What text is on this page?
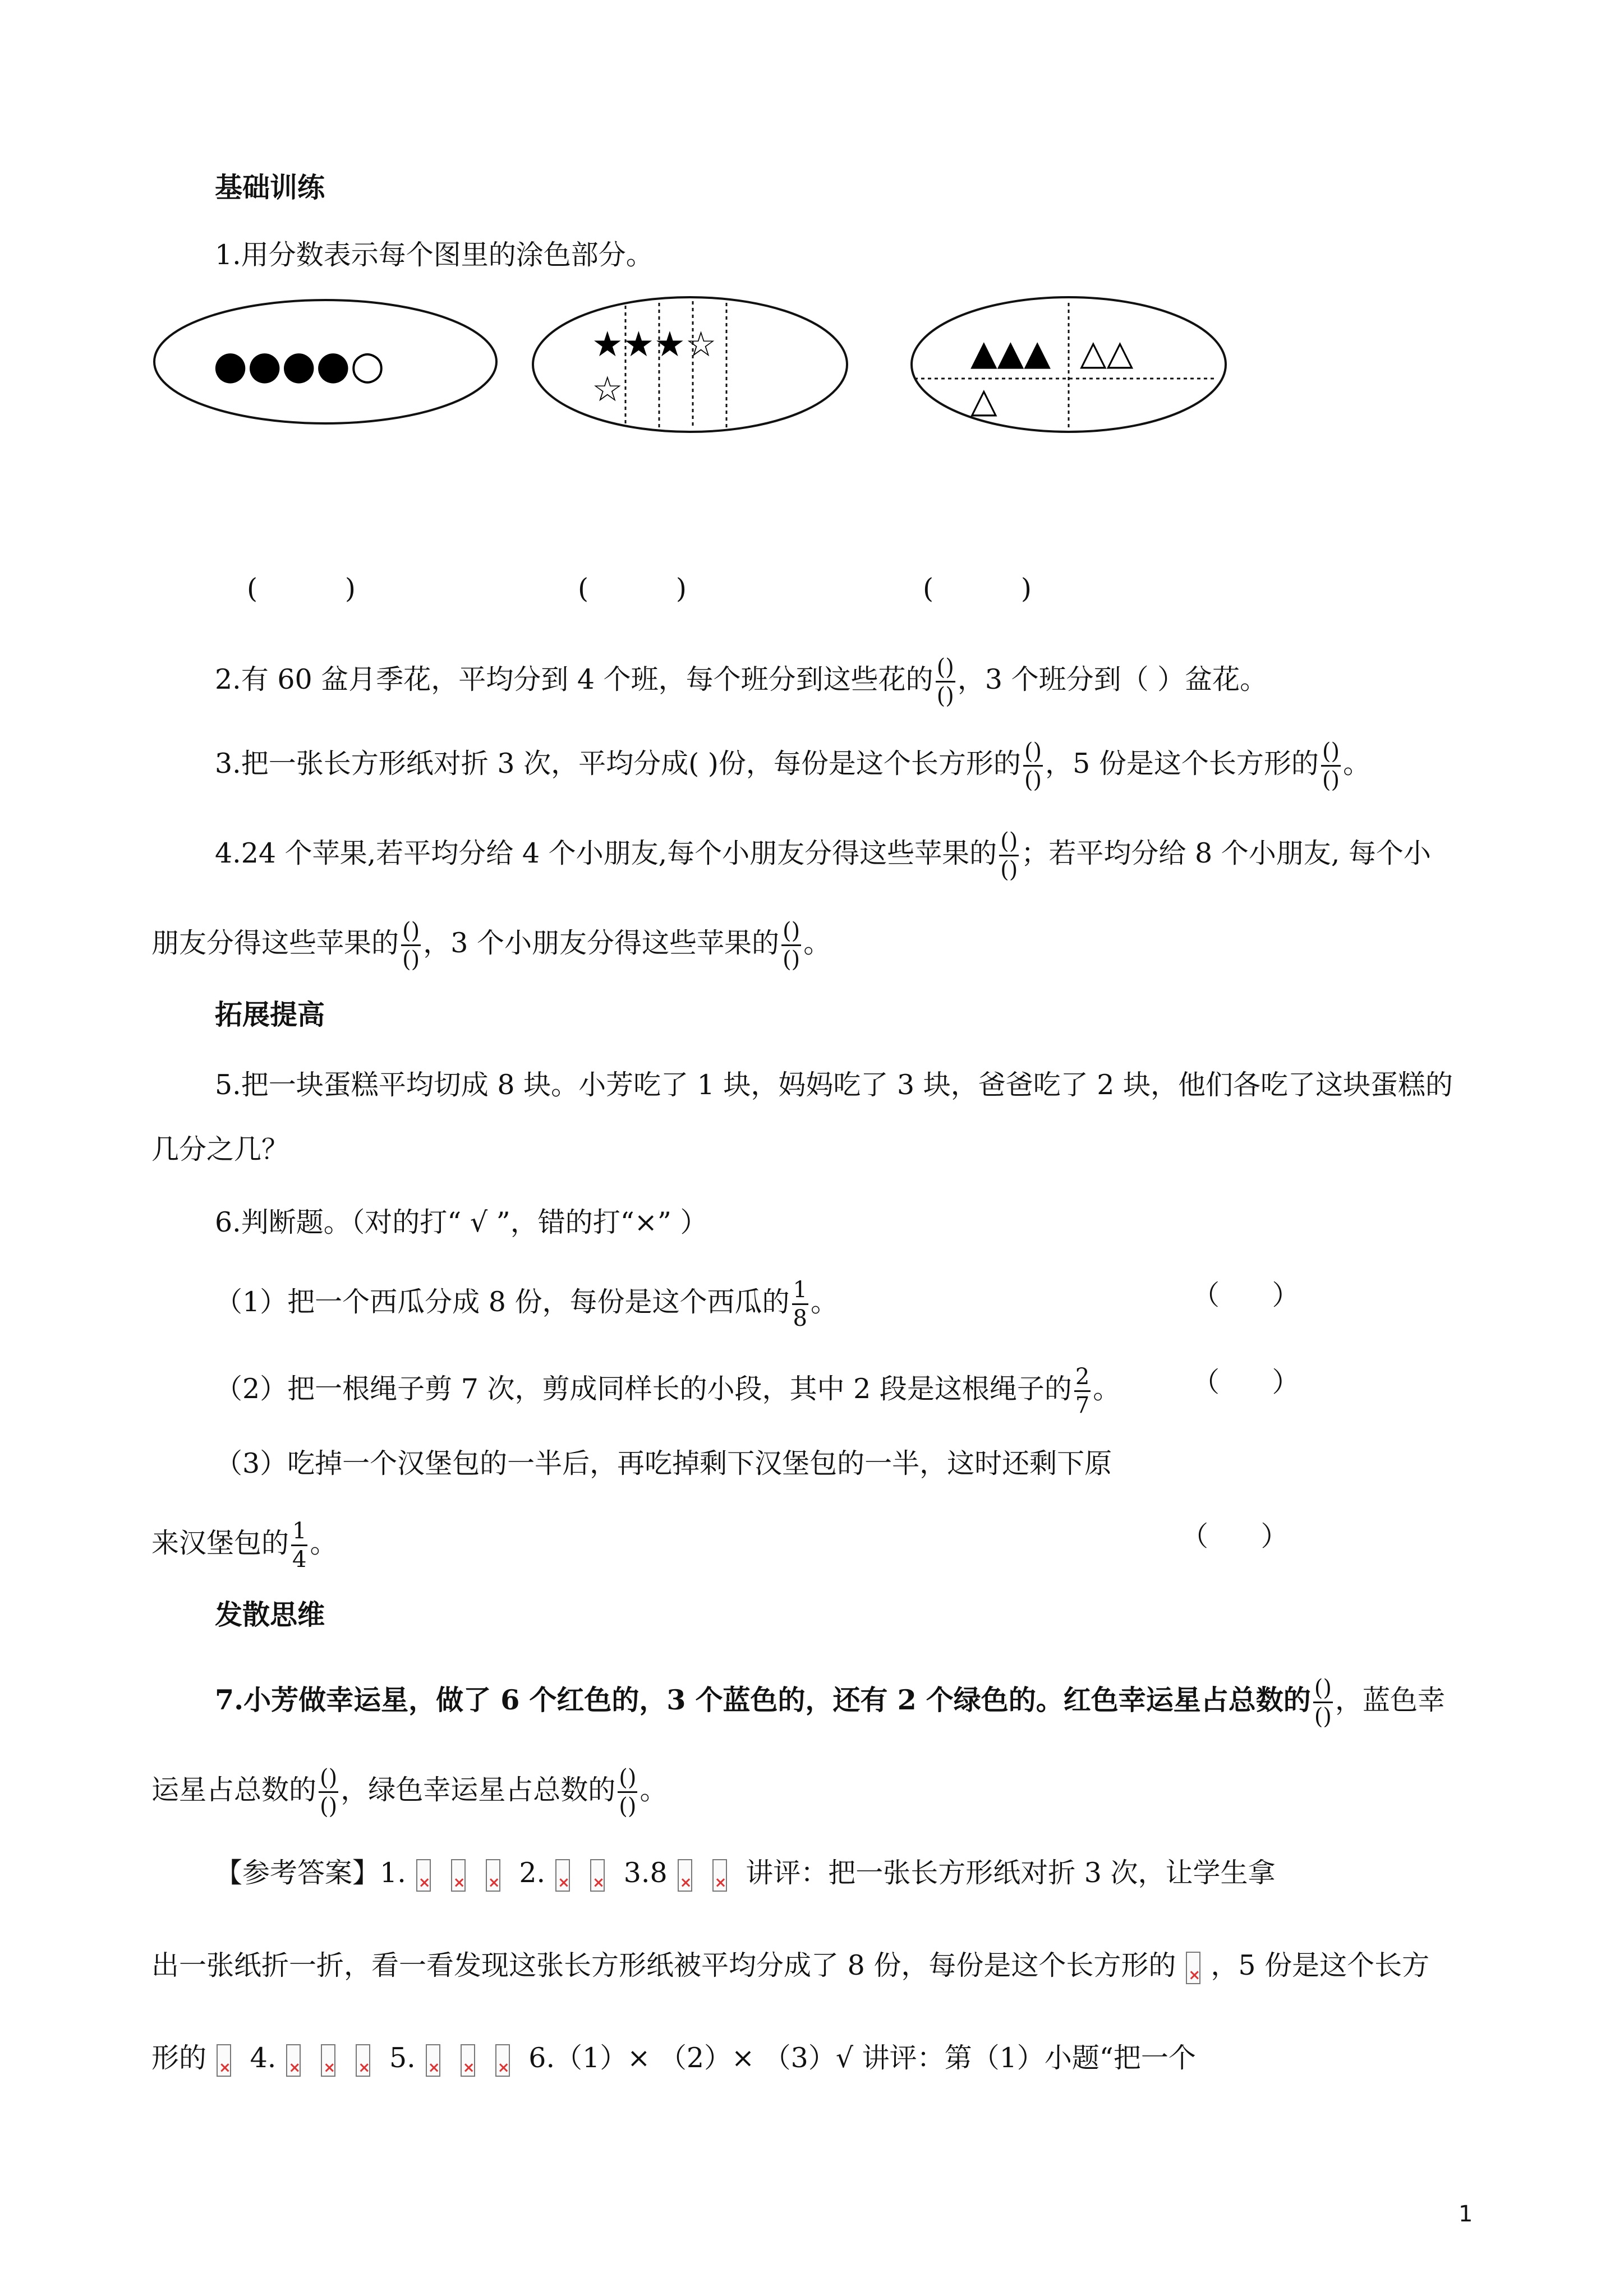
基础训练
1.用分数表示每个图里的涂色部分。
●●●●○	★★★☆
☆
▲▲▲ △△
△
(          )	(          )	(          )
2.有 60 盆月季花，平均分到 4 个班，每个班分到这些花的 $\frac{()}{()}$ ，3 个班分到（ ）盆花。
3.把一张长方形纸对折 3 次，平均分成( )份，每份是这个长方形的 $\frac{()}{()}$ ，5 份是这个长方形的 $\frac{()}{()}$ 。
4.24 个苹果,若平均分给 4 个小朋友,每个小朋友分得这些苹果的 $\frac{()}{()}$ ；若平均分给 8 个小朋友, 每个小
朋友分得这些苹果的 $\frac{()}{()}$ ，3 个小朋友分得这些苹果的 $\frac{()}{()}$ 。
拓展提高
5.把一块蛋糕平均切成 8 块。小芳吃了 1 块，妈妈吃了 3 块，爸爸吃了 2 块，他们各吃了这块蛋糕的
几分之几？
6.判断题。（对的打“ √ ”，错的打“×” ）
（1）把一个西瓜分成 8 份，每份是这个西瓜的 $\frac{1}{8}$ 。	（      ）
（2）把一根绳子剪 7 次，剪成同样长的小段，其中 2 段是这根绳子的 $\frac{2}{7}$ 。	（      ）
（3）吃掉一个汉堡包的一半后，再吃掉剩下汉堡包的一半，这时还剩下原
来汉堡包的 $\frac{1}{4}$ 。	（      ）
发散思维
7.小芳做幸运星，做了 6 个红色的，3 个蓝色的，还有 2 个绿色的。红色幸运星占总数的 $\frac{()}{()}$ ，蓝色幸
运星占总数的 $\frac{()}{()}$ ，绿色幸运星占总数的 $\frac{()}{()}$ 。
【参考答案】1. × × ×	2. × ×	3.8 × ×	讲评：把一张长方形纸对折 3 次，让学生拿
出一张纸折一折，看一看发现这张长方形纸被平均分成了 8 份，每份是这个长方形的 × ，5 份是这个长方
形的 × 4. × × ×	5. × × ×	6.（1）× （2）× （3）√ 讲评：第（1）小题“把一个
1
